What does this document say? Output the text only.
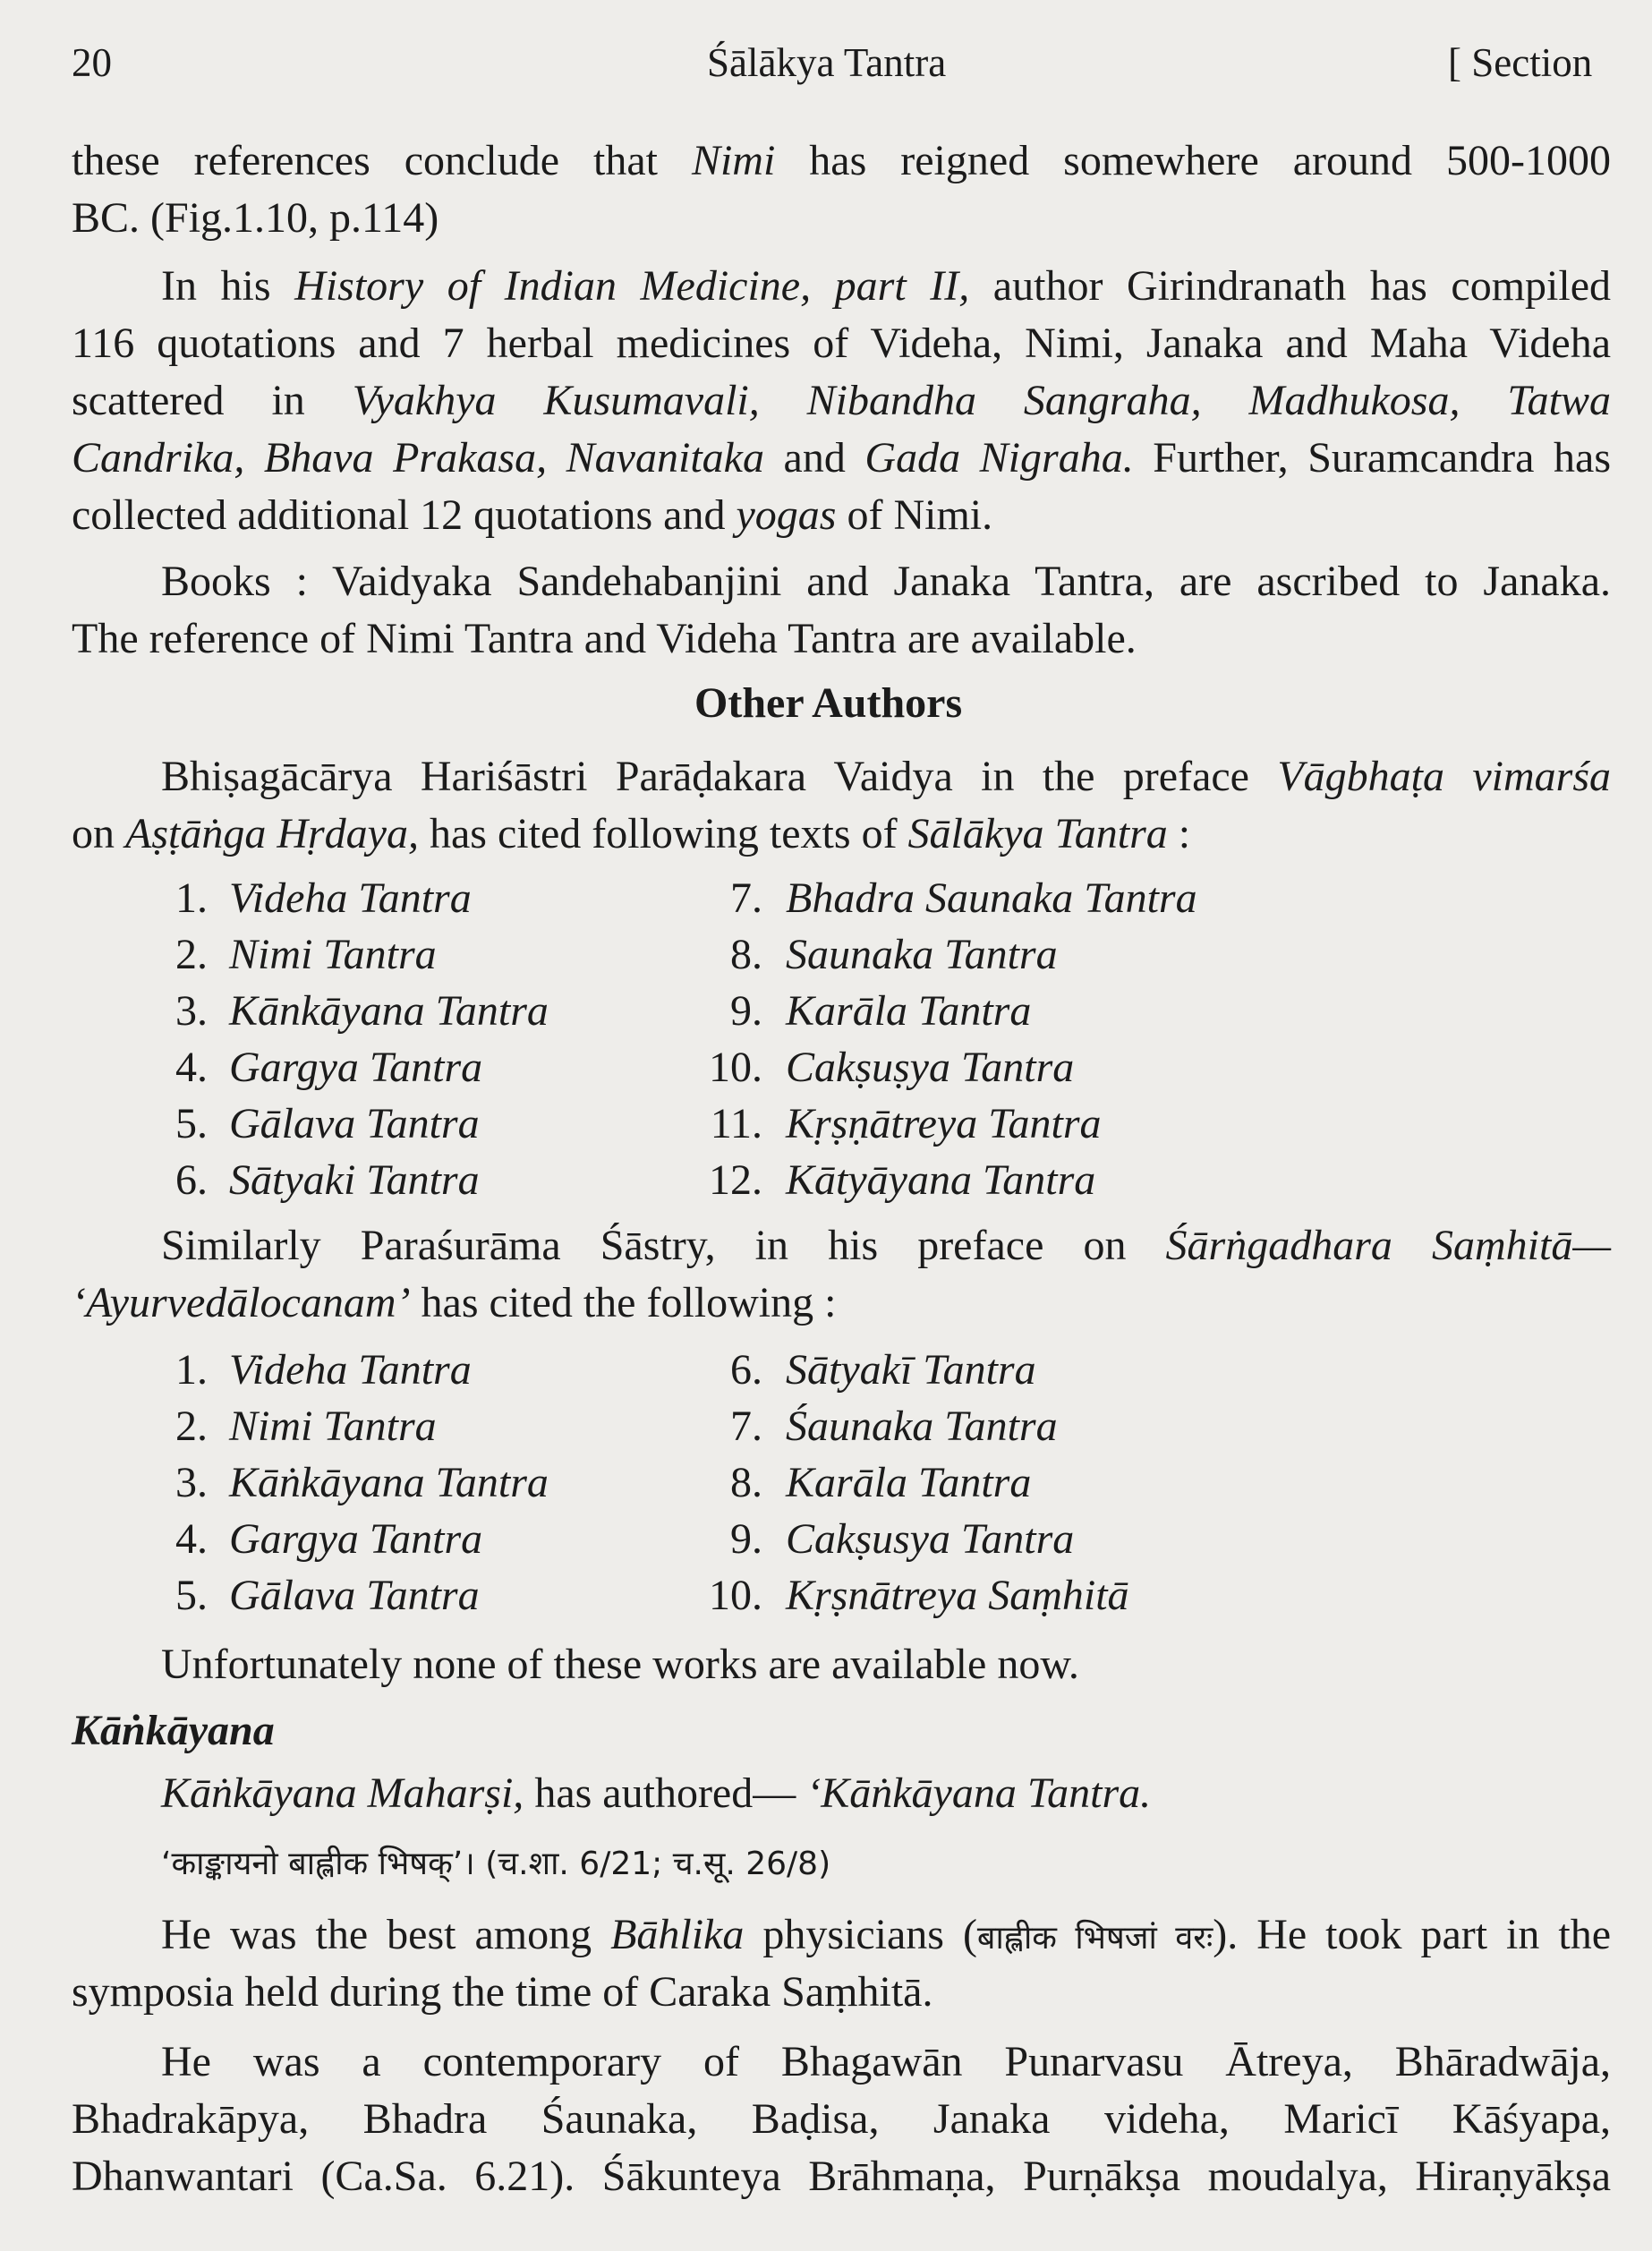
20	Śālākya Tantra	[ Section
these references conclude that Nimi has reigned somewhere around 500-1000
BC. (Fig.1.10, p.114)
In his History of Indian Medicine, part II, author Girindranath has compiled
116 quotations and 7 herbal medicines of Videha, Nimi, Janaka and Maha Videha
scattered in Vyakhya Kusumavali, Nibandha Sangraha, Madhukosa, Tatwa
Candrika, Bhava Prakasa, Navanitaka and Gada Nigraha. Further, Suramcandra has
collected additional 12 quotations and yogas of Nimi.
Books : Vaidyaka Sandehabanjini and Janaka Tantra, are ascribed to Janaka.
The reference of Nimi Tantra and Videha Tantra are available.
Other Authors
Bhiṣagācārya Hariśāstri Parāḍakara Vaidya in the preface Vāgbhaṭa vimarśa
on Aṣṭāṅga Hṛdaya, has cited following texts of Sālākya Tantra :
1. Videha Tantra
2. Nimi Tantra
3. Kānkāyana Tantra
4. Gargya Tantra
5. Gālava Tantra
6. Sātyaki Tantra
7. Bhadra Saunaka Tantra
8. Saunaka Tantra
9. Karāla Tantra
10. Cakṣuṣya Tantra
11. Kṛṣṇātreya Tantra
12. Kātyāyana Tantra
Similarly Paraśurāma Śāstry, in his preface on Śārṅgadhara Saṃhitā—
‘Ayurvedālocanam’ has cited the following :
1. Videha Tantra
2. Nimi Tantra
3. Kāṅkāyana Tantra
4. Gargya Tantra
5. Gālava Tantra
6. Sātyakī Tantra
7. Śaunaka Tantra
8. Karāla Tantra
9. Cakṣusya Tantra
10. Kṛṣnātreya Saṃhitā
Unfortunately none of these works are available now.
Kāṅkāyana
Kāṅkāyana Maharṣi, has authored— ‘Kāṅkāyana Tantra.
‘काङ्कायनो बाह्लीक भिषक्’। (च.शा. 6/21; च.सू. 26/8)
He was the best among Bāhlika physicians (बाह्लीक भिषजां वरः). He took part in the
symposia held during the time of Caraka Saṃhitā.
He was a contemporary of Bhagawān Punarvasu Ātreya, Bhāradwāja,
Bhadrakāpya, Bhadra Śaunaka, Baḍisa, Janaka videha, Maricī Kāśyapa,
Dhanwantari (Ca.Sa. 6.21). Śākunteya Brāhmaṇa, Purṇākṣa moudalya, Hiraṇyākṣa
